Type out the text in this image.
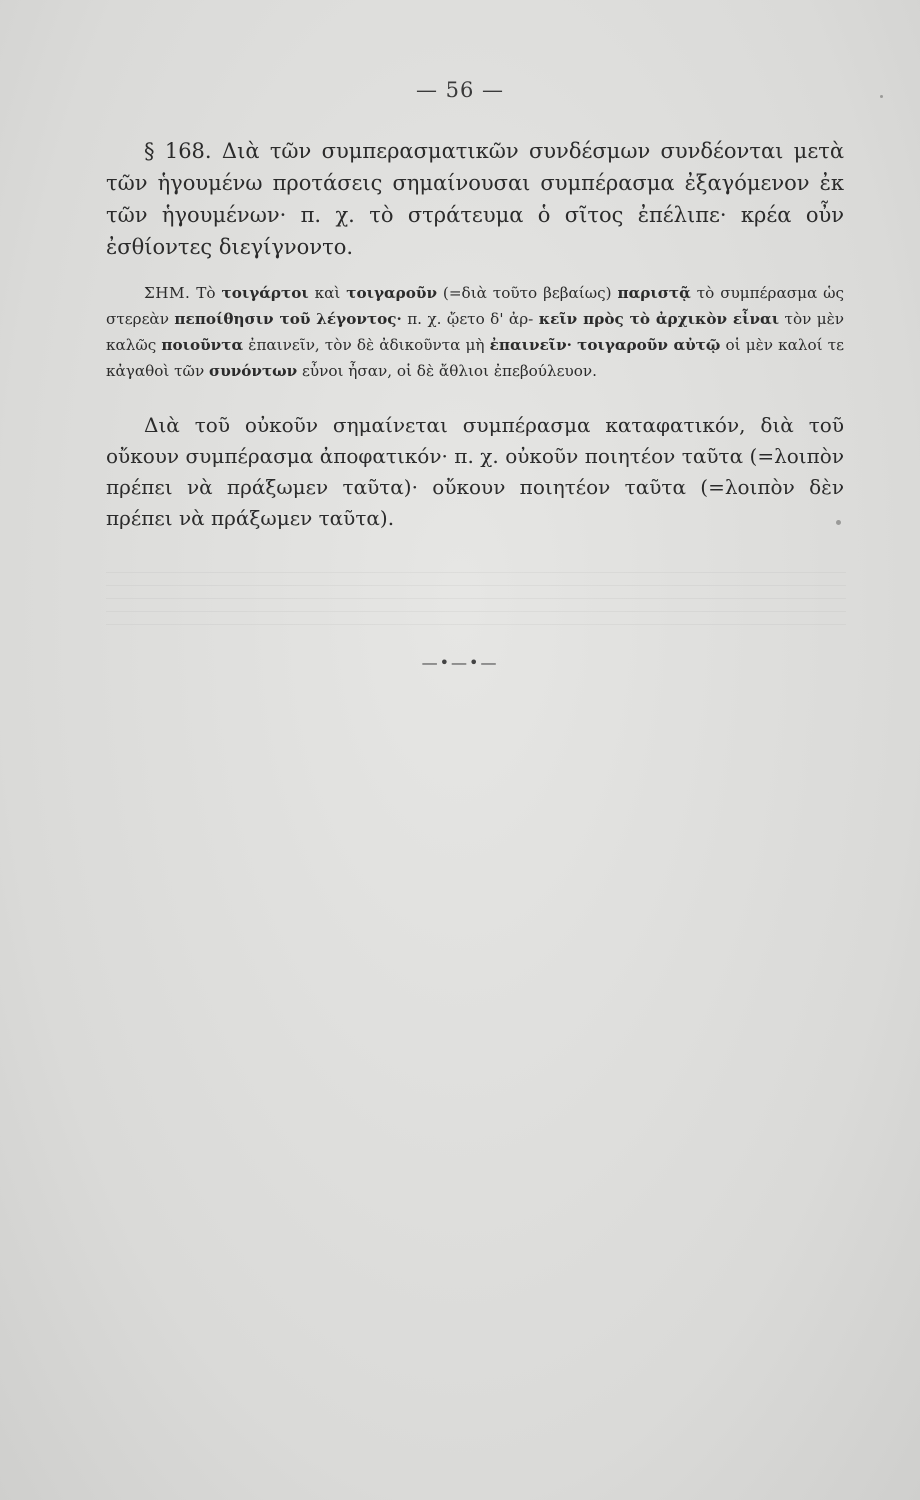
— 56 —

§ 168. Διὰ τῶν συμπερασματικῶν συνδέσμων συνδέονται μετὰ τῶν ἡγουμένω προτάσεις σημαίνουσαι συμπέρασμα ἐξαγόμενον ἐκ τῶν ἡγουμένων· π. χ. τὸ στράτευμα ὁ σῖτος ἐπέλιπε· κρέα οὖν ἐσθίοντες διεγίγνοντο.

ΣΗΜ. Τὸ τοιγάρτοι καὶ τοιγαροῦν (=διὰ τοῦτο βεβαίως) παριστᾷ τὸ συμπέρασμα ὡς στερεὰν πεποίθησιν τοῦ λέγοντος· π. χ. ᾤετο δ' ἀρ- κεῖν πρὸς τὸ ἀρχικὸν εἶναι τὸν μὲν καλῶς ποιοῦντα ἐπαινεῖν, τὸν δὲ ἀδικοῦντα μὴ ἐπαινεῖν· τοιγαροῦν αὐτῷ οἱ μὲν καλοί τε κἀγαθοὶ τῶν συνόντων εὖνοι ἦσαν, οἱ δὲ ἄθλιοι ἐπεβούλευον.

Διὰ τοῦ οὐκοῦν σημαίνεται συμπέρασμα καταφατικόν, διὰ τοῦ οὔκουν συμπέρασμα ἀποφατικόν· π. χ. οὐκοῦν ποιητέον ταῦτα (=λοιπὸν πρέπει νὰ πράξωμεν ταῦτα)· οὔκουν ποιητέον ταῦτα (=λοιπὸν δὲν πρέπει νὰ πράξωμεν ταῦτα).

—•—•—
